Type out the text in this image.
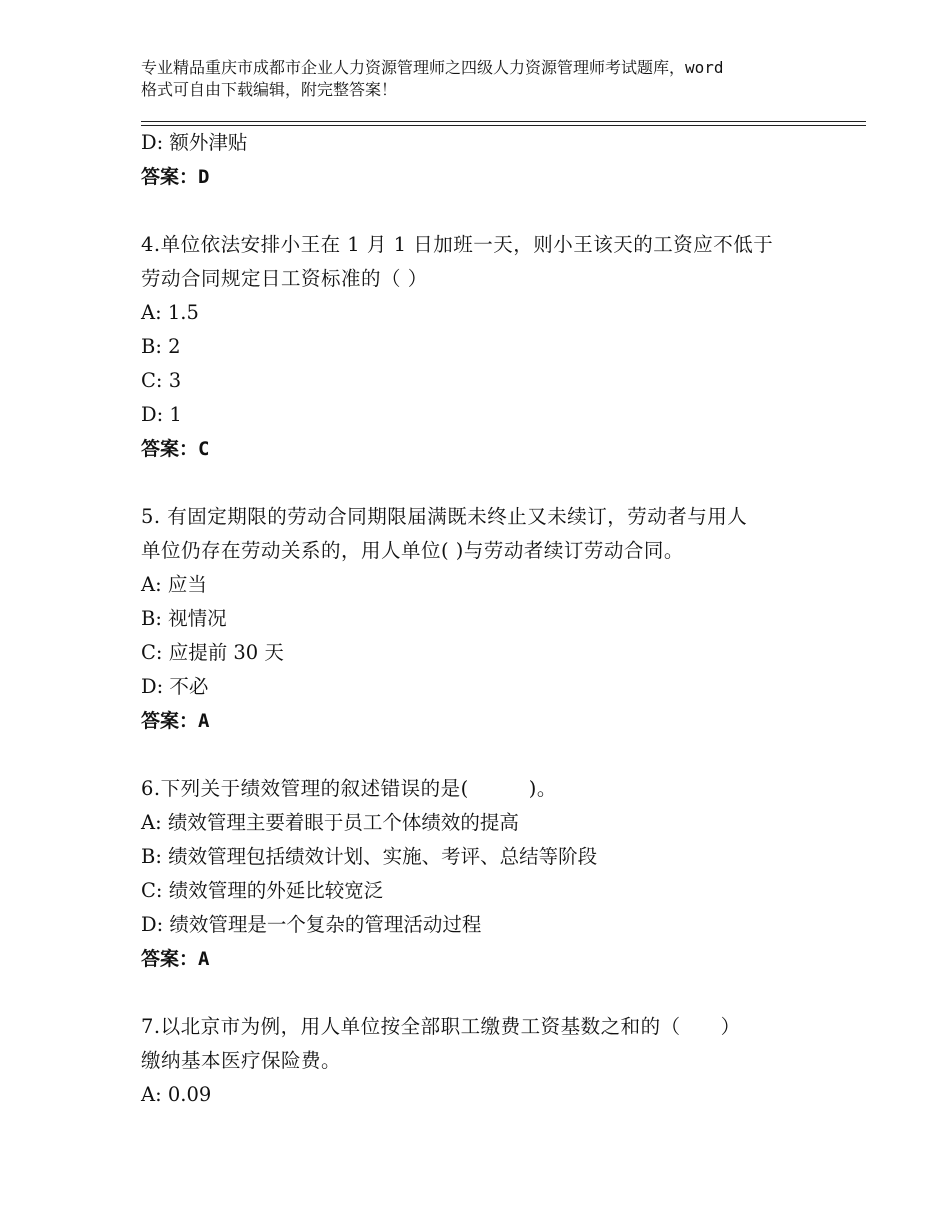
专业精品重庆市成都市企业人力资源管理师之四级人力资源管理师考试题库，word
格式可自由下载编辑，附完整答案！
D: 额外津贴
答案：D
4.单位依法安排小王在 1 月 1 日加班一天，则小王该天的工资应不低于
劳动合同规定日工资标准的（ ）
A: 1.5
B: 2
C: 3
D: 1
答案：C
5. 有固定期限的劳动合同期限届满既未终止又未续订，劳动者与用人
单位仍存在劳动关系的，用人单位( )与劳动者续订劳动合同。
A: 应当
B: 视情况
C: 应提前 30 天
D: 不必
答案：A
6.下列关于绩效管理的叙述错误的是(　　　)。
A: 绩效管理主要着眼于员工个体绩效的提高
B: 绩效管理包括绩效计划、实施、考评、总结等阶段
C: 绩效管理的外延比较宽泛
D: 绩效管理是一个复杂的管理活动过程
答案：A
7.以北京市为例，用人单位按全部职工缴费工资基数之和的（　　）
缴纳基本医疗保险费。
A: 0.09
